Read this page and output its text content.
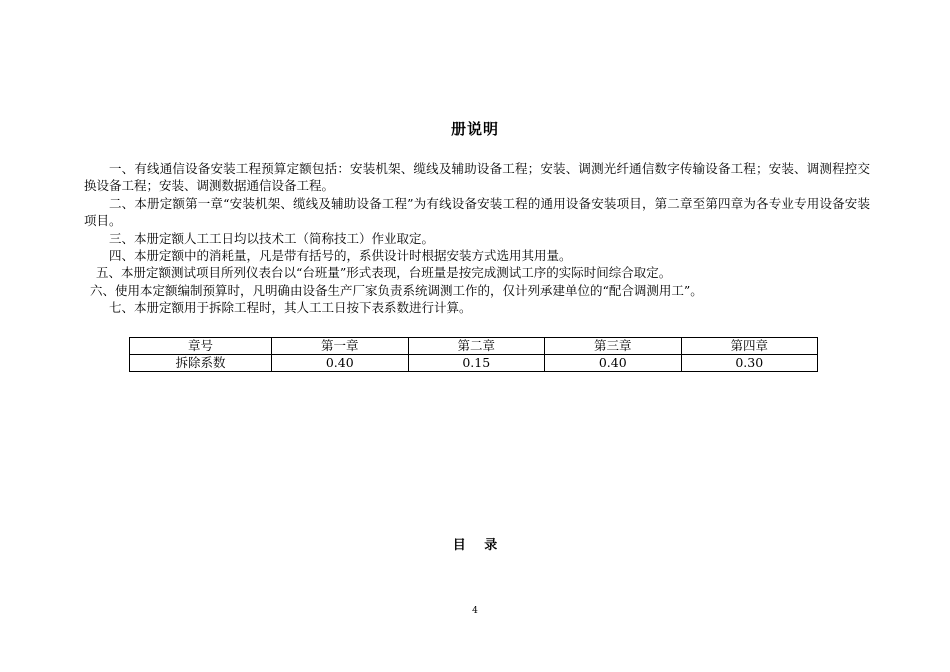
册说明

一、有线通信设备安装工程预算定额包括：安装机架、缆线及辅助设备工程；安装、调测光纤通信数字传输设备工程；安装、调测程控交换设备工程；安装、调测数据通信设备工程。

二、本册定额第一章“安装机架、缆线及辅助设备工程”为有线设备安装工程的通用设备安装项目，第二章至第四章为各专业专用设备安装项目。

三、本册定额人工工日均以技术工（简称技工）作业取定。

四、本册定额中的消耗量，凡是带有括号的，系供设计时根据安装方式选用其用量。

五、本册定额测试项目所列仪表台以“台班量”形式表现，台班量是按完成测试工序的实际时间综合取定。

六、使用本定额编制预算时，凡明确由设备生产厂家负责系统调测工作的，仅计列承建单位的“配合调测用工”。

七、本册定额用于拆除工程时，其人工工日按下表系数进行计算。

章号	第一章	第二章	第三章	第四章
拆除系数	0.40	0.15	0.40	0.30
目 录
4
